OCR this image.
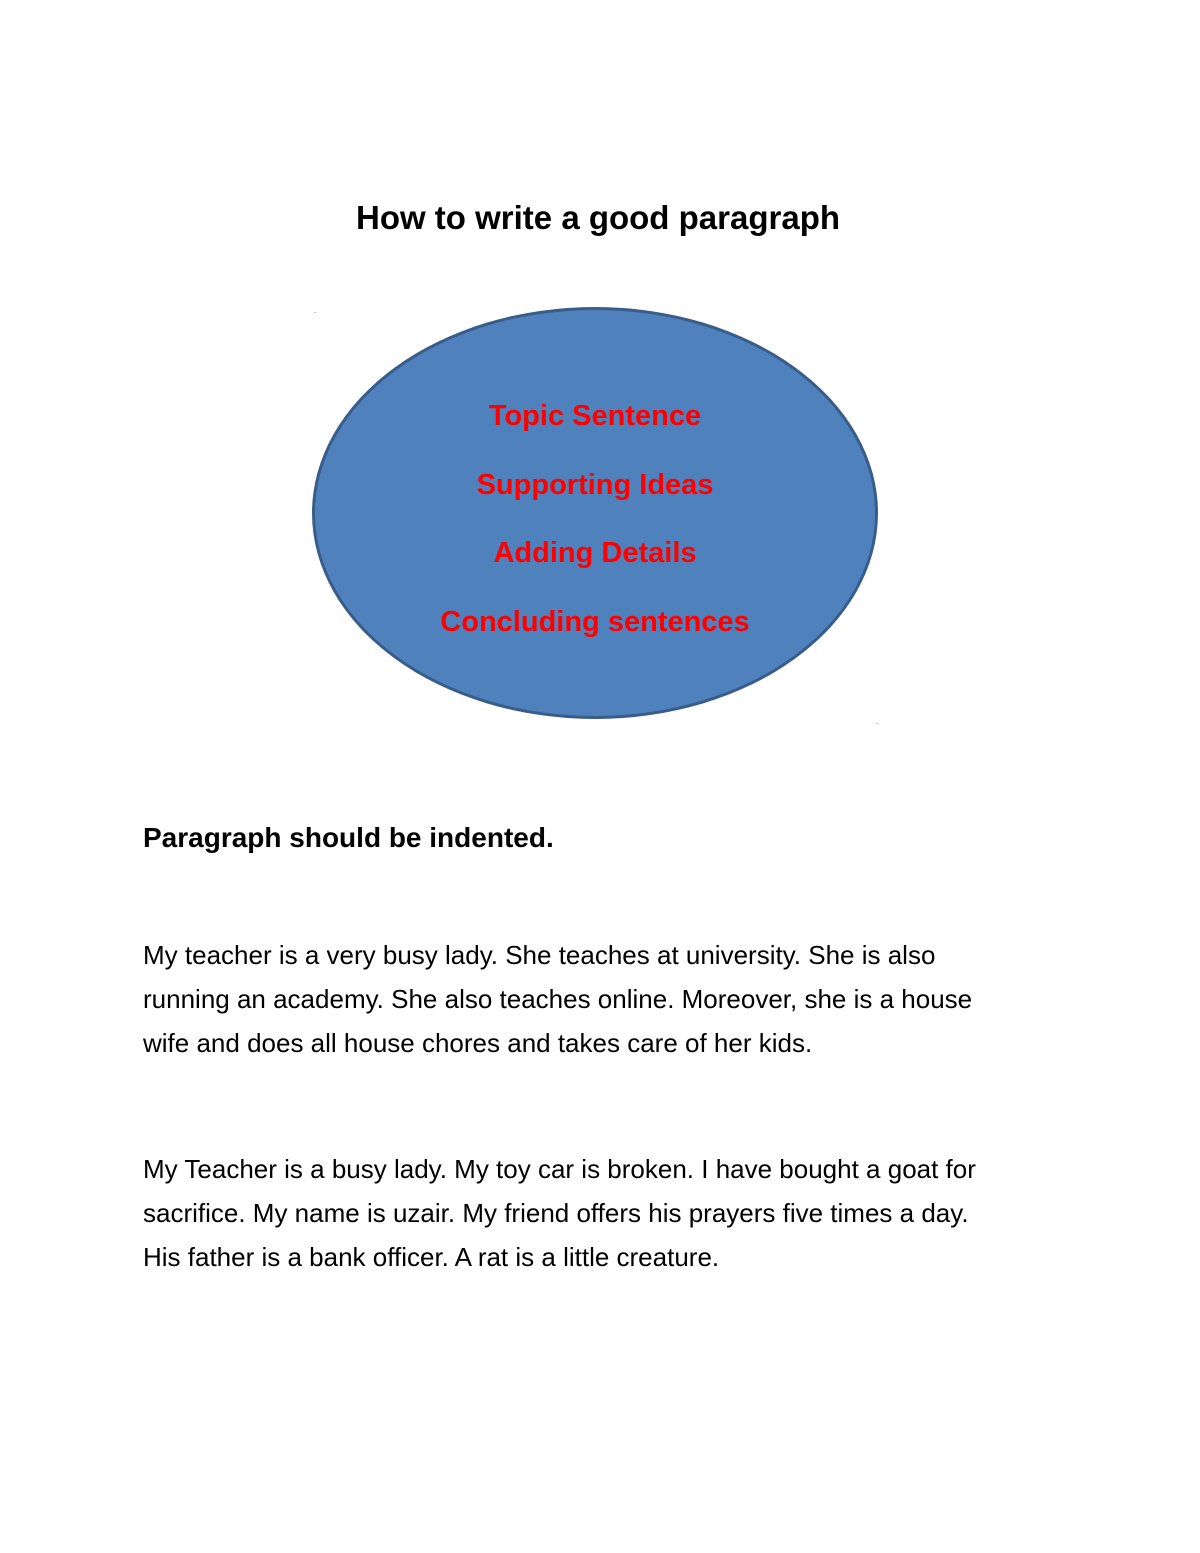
How to write a good paragraph

Topic Sentence

Supporting Ideas

Adding Details

Concluding sentences

Paragraph should be indented.

My teacher is a very busy lady. She teaches at university. She is also

running an academy. She also teaches online. Moreover, she is a house

wife and does all house chores and takes care of her kids.

My Teacher is a busy lady. My toy car is broken. I have bought a goat for

sacrifice. My name is uzair. My friend offers his prayers five times a day.

His father is a bank officer. A rat is a little creature.
